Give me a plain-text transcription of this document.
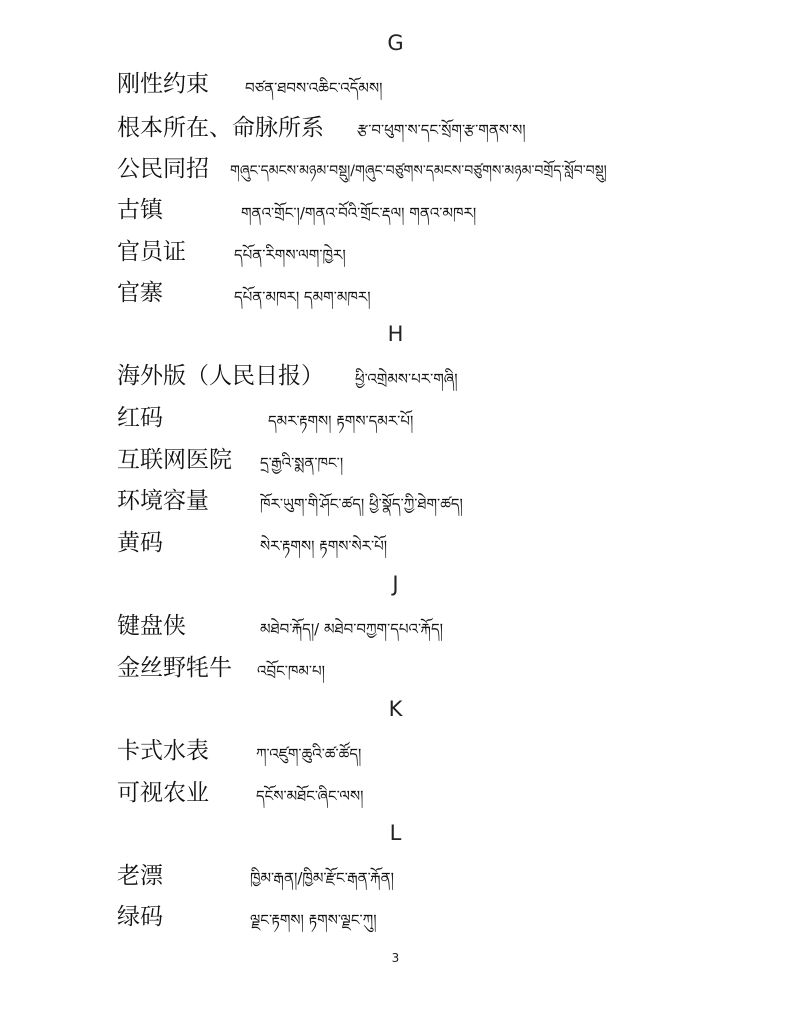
G
刚性约束 བཙན་ཐབས་འཆིང་འདོམས།
根本所在、命脉所系 རྩ་བ་ཕུག་ས་དང་སྲོག་རྩ་གནས་ས།
公民同招 གཞུང་དམངས་མཉམ་བསྡུ།/གཞུང་བཙུགས་དམངས་བཙུགས་མཉམ་བགྲོད་སློབ་བསྡུ།
古镇	གནའ་གྲོང་།/གནའ་བོའི་གྲོང་རྡལ། གནའ་མཁར།
官员证	དཔོན་རིགས་ལག་ཁྱེར།
官寨	དཔོན་མཁར། དམག་མཁར།
H
海外版（人民日报） ཕྱི་འགྲེམས་པར་གཞི།
红码	དམར་རྟགས། རྟགས་དམར་པོ།
互联网医院 དྲ་རྒྱའི་སྨན་ཁང་།
环境容量	ཁོར་ཡུག་གི་ཤོང་ཚད། ཕྱི་སྣོད་ཀྱི་ཐེག་ཚད།
黄码	སེར་རྟགས། རྟགས་སེར་པོ།
J
键盘侠	མཐེབ་རྐོད།/ མཐེབ་བཀྱག་དཔའ་རྐོད།
金丝野牦牛 འབྲོང་ཁམ་པ།
K
卡式水表	ཀ་འཛུག་ཆུའི་ཚ་ཚོད།
可视农业	དངོས་མཐོང་ཞིང་ལས།
L
老漂	ཁྱིམ་རྒན།/ཁྱིམ་རྫོང་རྒན་རྐོན།
绿码	ལྗང་རྟགས། རྟགས་ལྗང་ཀུ།
3
